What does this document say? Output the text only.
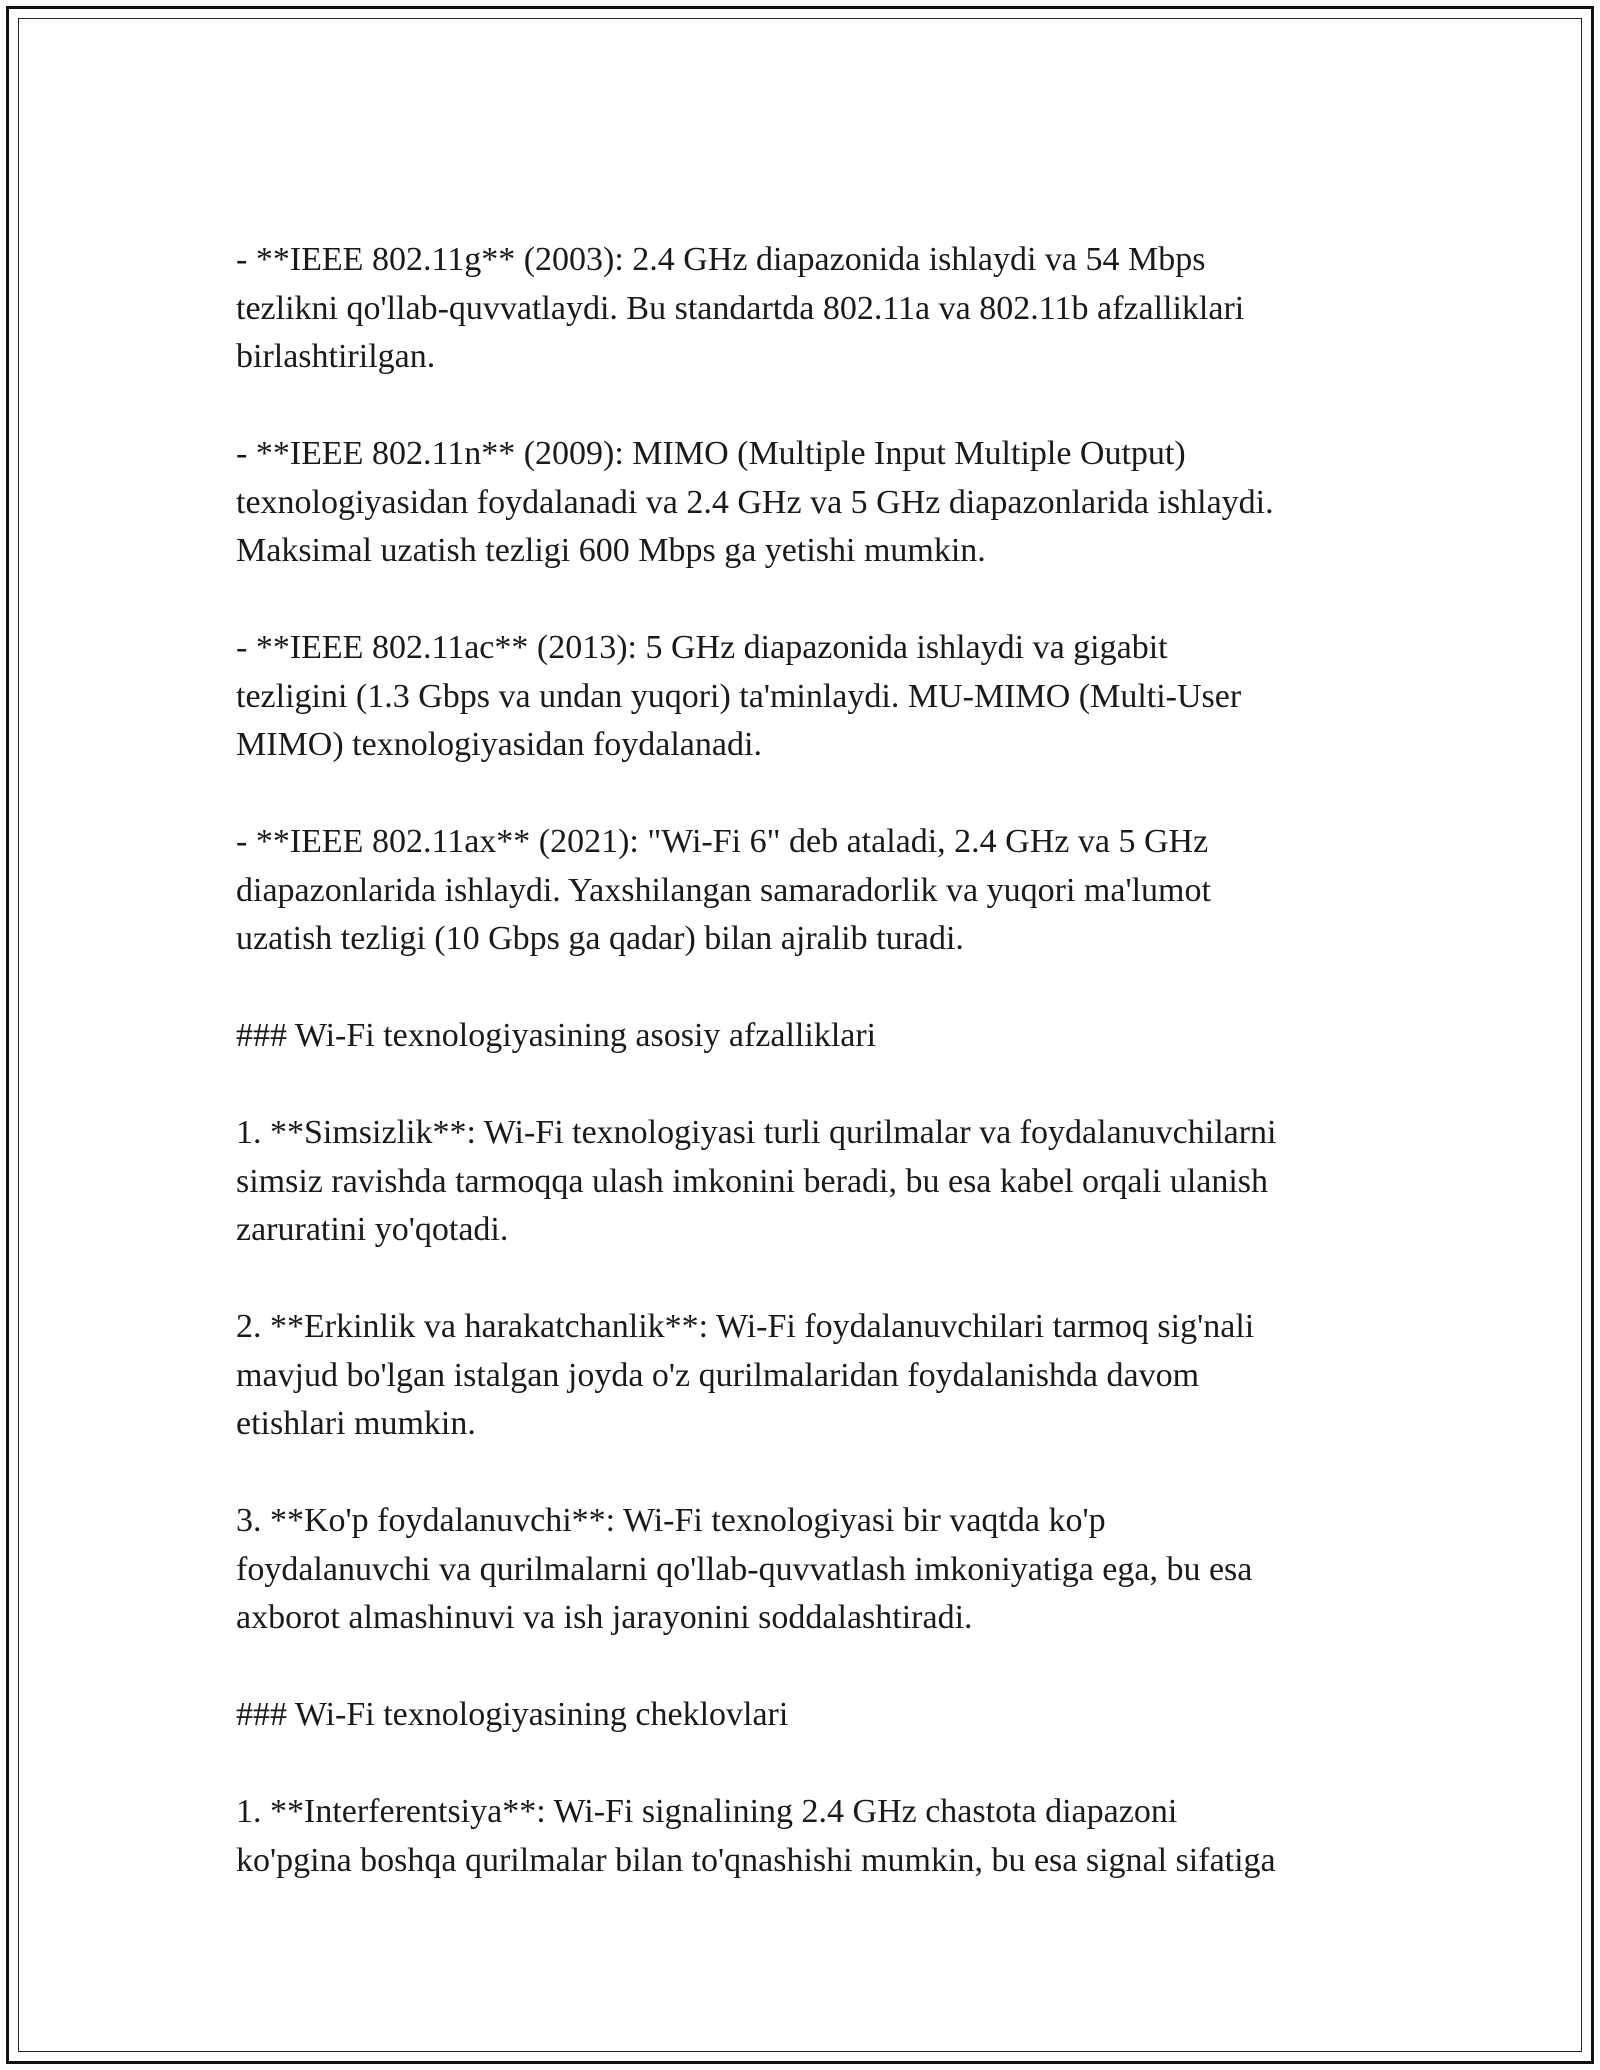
- **IEEE 802.11g** (2003): 2.4 GHz diapazonida ishlaydi va 54 Mbps
tezlikni qo'llab-quvvatlaydi. Bu standartda 802.11a va 802.11b afzalliklari
birlashtirilgan.
- **IEEE 802.11n** (2009): MIMO (Multiple Input Multiple Output)
texnologiyasidan foydalanadi va 2.4 GHz va 5 GHz diapazonlarida ishlaydi.
Maksimal uzatish tezligi 600 Mbps ga yetishi mumkin.
- **IEEE 802.11ac** (2013): 5 GHz diapazonida ishlaydi va gigabit
tezligini (1.3 Gbps va undan yuqori) ta'minlaydi. MU-MIMO (Multi-User
MIMO) texnologiyasidan foydalanadi.
- **IEEE 802.11ax** (2021): "Wi-Fi 6" deb ataladi, 2.4 GHz va 5 GHz
diapazonlarida ishlaydi. Yaxshilangan samaradorlik va yuqori ma'lumot
uzatish tezligi (10 Gbps ga qadar) bilan ajralib turadi.
### Wi-Fi texnologiyasining asosiy afzalliklari
1. **Simsizlik**: Wi-Fi texnologiyasi turli qurilmalar va foydalanuvchilarni
simsiz ravishda tarmoqqa ulash imkonini beradi, bu esa kabel orqali ulanish
zaruratini yo'qotadi.
2. **Erkinlik va harakatchanlik**: Wi-Fi foydalanuvchilari tarmoq sig'nali
mavjud bo'lgan istalgan joyda o'z qurilmalaridan foydalanishda davom
etishlari mumkin.
3. **Ko'p foydalanuvchi**: Wi-Fi texnologiyasi bir vaqtda ko'p
foydalanuvchi va qurilmalarni qo'llab-quvvatlash imkoniyatiga ega, bu esa
axborot almashinuvi va ish jarayonini soddalashtiradi.
### Wi-Fi texnologiyasining cheklovlari
1. **Interferentsiya**: Wi-Fi signalining 2.4 GHz chastota diapazoni
ko'pgina boshqa qurilmalar bilan to'qnashishi mumkin, bu esa signal sifatiga
